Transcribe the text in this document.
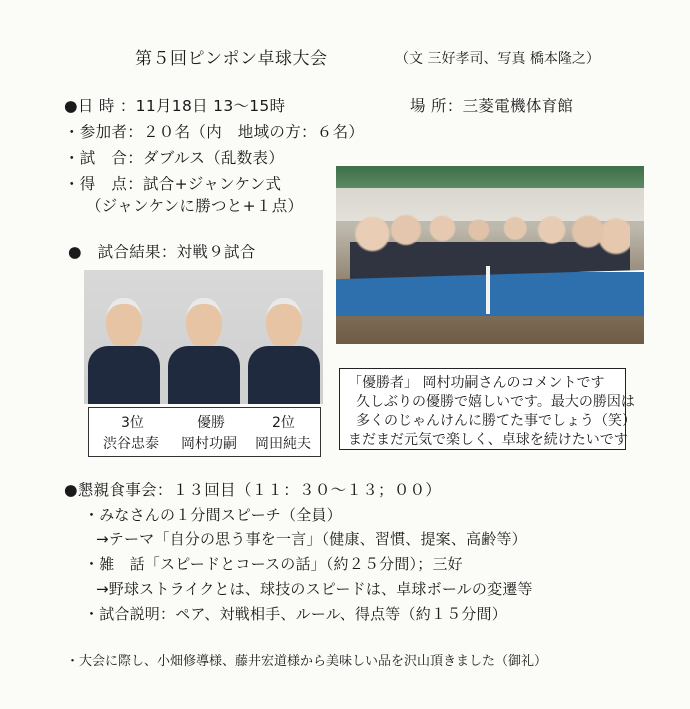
第５回ピンポン卓球大会	（文 三好孝司、写真 橋本隆之）
●日 時 ：11月18日 13～15時	場 所：三菱電機体育館
・参加者：２０名（内　地域の方：６名）
・試　合：ダブルス（乱数表）
・得　点：試合+ジャンケン式
（ジャンケンに勝つと+１点）
●　試合結果：対戦９試合
3位
渋谷忠泰
優勝
岡村功嗣
2位
岡田純夫
「優勝者」 岡村功嗣さんのコメントです
久しぶりの優勝で嬉しいです。最大の勝因は
多くのじゃんけんに勝てた事でしょう（笑）
まだまだ元気で楽しく、卓球を続けたいです
●懇親食事会：１３回目（１１：３０～１３；００）
・みなさんの１分間スピーチ（全員）
→テーマ「自分の思う事を一言」（健康、習慣、提案、高齢等）
・雑　話「スピードとコースの話」（約２５分間）；三好
→野球ストライクとは、球技のスピードは、卓球ボールの変遷等
・試合説明：ペア、対戦相手、ルール、得点等（約１５分間）
・大会に際し、小畑修導様、藤井宏道様から美味しい品を沢山頂きました（御礼）
